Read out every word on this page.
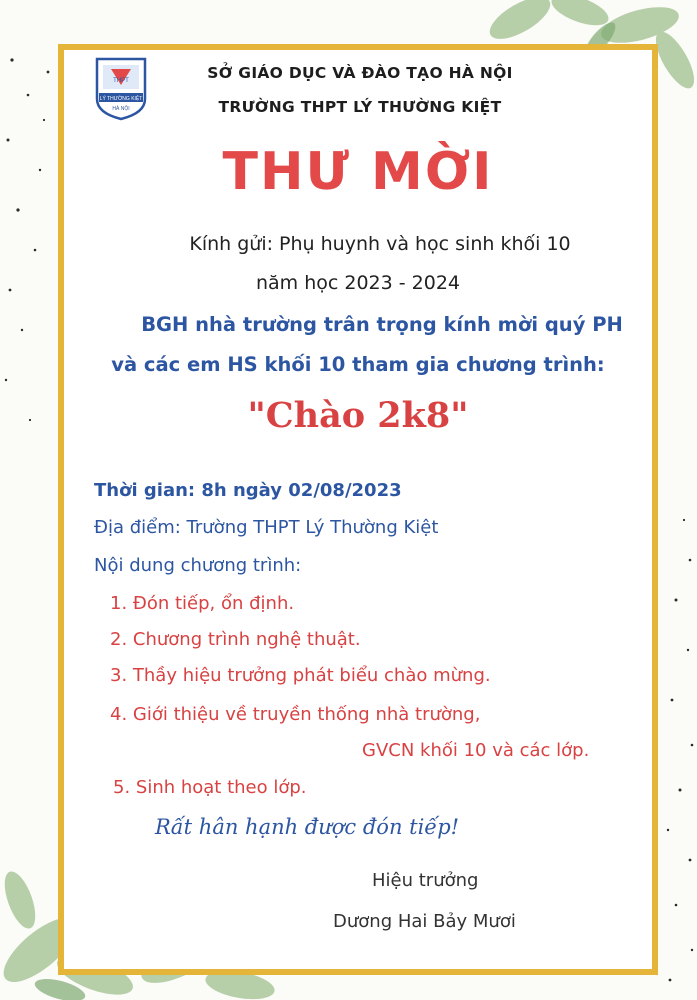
THPT
LÝ THƯỜNG KIỆT
HÀ NỘI
SỞ GIÁO DỤC VÀ ĐÀO TẠO HÀ NỘI
TRƯỜNG THPT LÝ THƯỜNG KIỆT
THƯ MỜI
Kính gửi: Phụ huynh và học sinh khối 10
năm học 2023 - 2024
BGH nhà trường trân trọng kính mời quý PH
và các em HS khối 10 tham gia chương trình:
"Chào 2k8"
Thời gian: 8h ngày 02/08/2023
Địa điểm: Trường THPT Lý Thường Kiệt
Nội dung chương trình:
1. Đón tiếp, ổn định.
2. Chương trình nghệ thuật.
3. Thầy hiệu trưởng phát biểu chào mừng.
4. Giới thiệu về truyền thống nhà trường,
GVCN khối 10 và các lớp.
5. Sinh hoạt theo lớp.
Rất hân hạnh được đón tiếp!
Hiệu trưởng
Dương Hai Bảy Mươi
